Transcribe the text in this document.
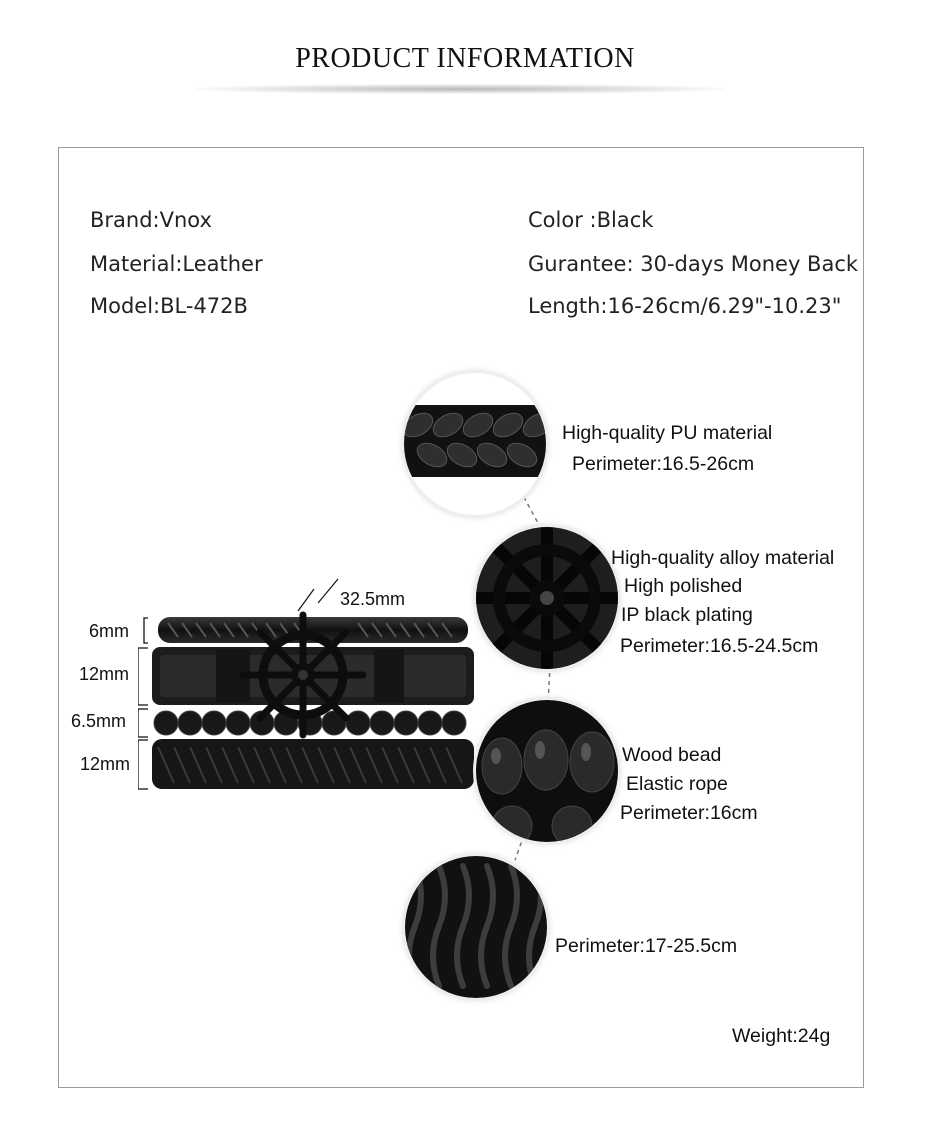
PRODUCT INFORMATION
Brand:Vnox
Material:Leather
Model:BL-472B
Color :Black
Gurantee: 30-days Money Back
Length:16-26cm/6.29"-10.23"
32.5mm
6mm
12mm
6.5mm
12mm
High-quality PU material
Perimeter:16.5-26cm
High-quality alloy material
High polished
IP black plating
Perimeter:16.5-24.5cm
Wood bead
Elastic rope
Perimeter:16cm
Perimeter:17-25.5cm
Weight:24g
